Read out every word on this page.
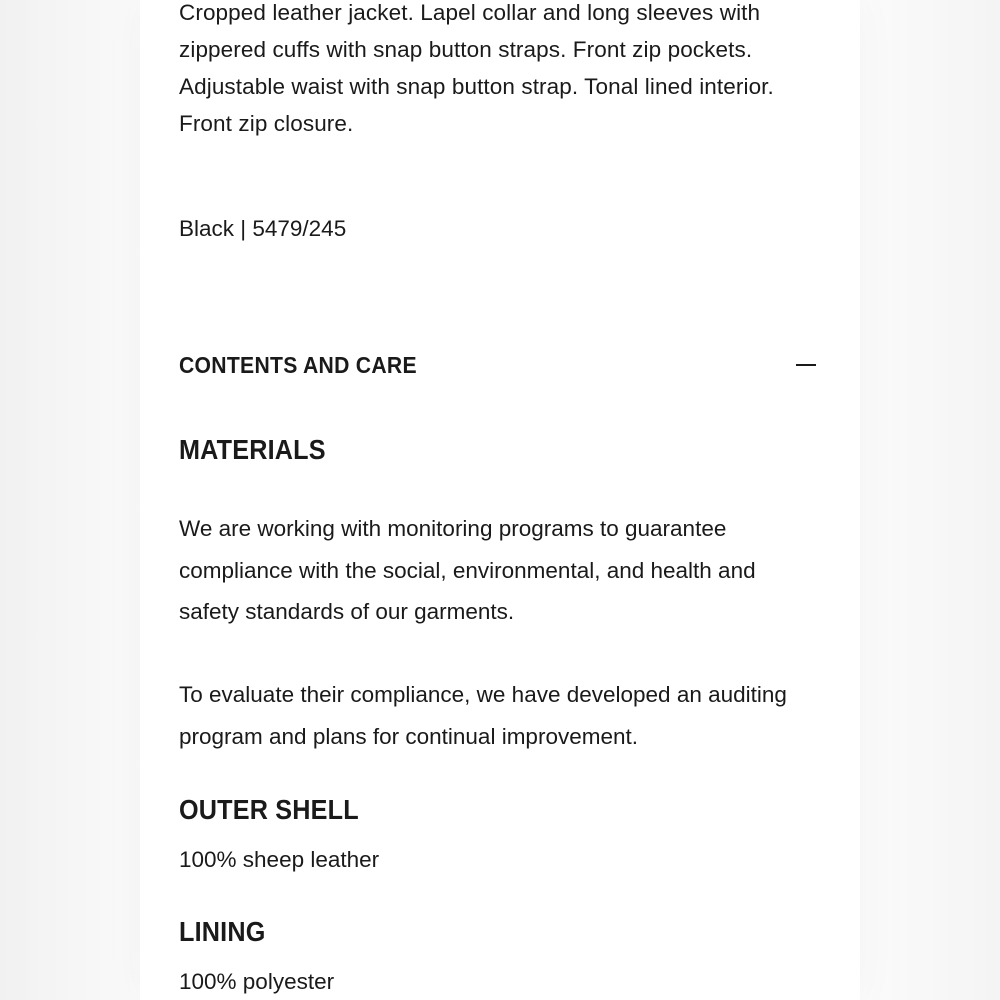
Cropped leather jacket. Lapel collar and long sleeves with zippered cuffs with snap button straps. Front zip pockets. Adjustable waist with snap button strap. Tonal lined interior. Front zip closure.

Black | 5479/245

CONTENTS AND CARE
MATERIALS

We are working with monitoring programs to guarantee compliance with the social, environmental, and health and safety standards of our garments.

To evaluate their compliance, we have developed an auditing program and plans for continual improvement.

OUTER SHELL

100% sheep leather

LINING

100% polyester
